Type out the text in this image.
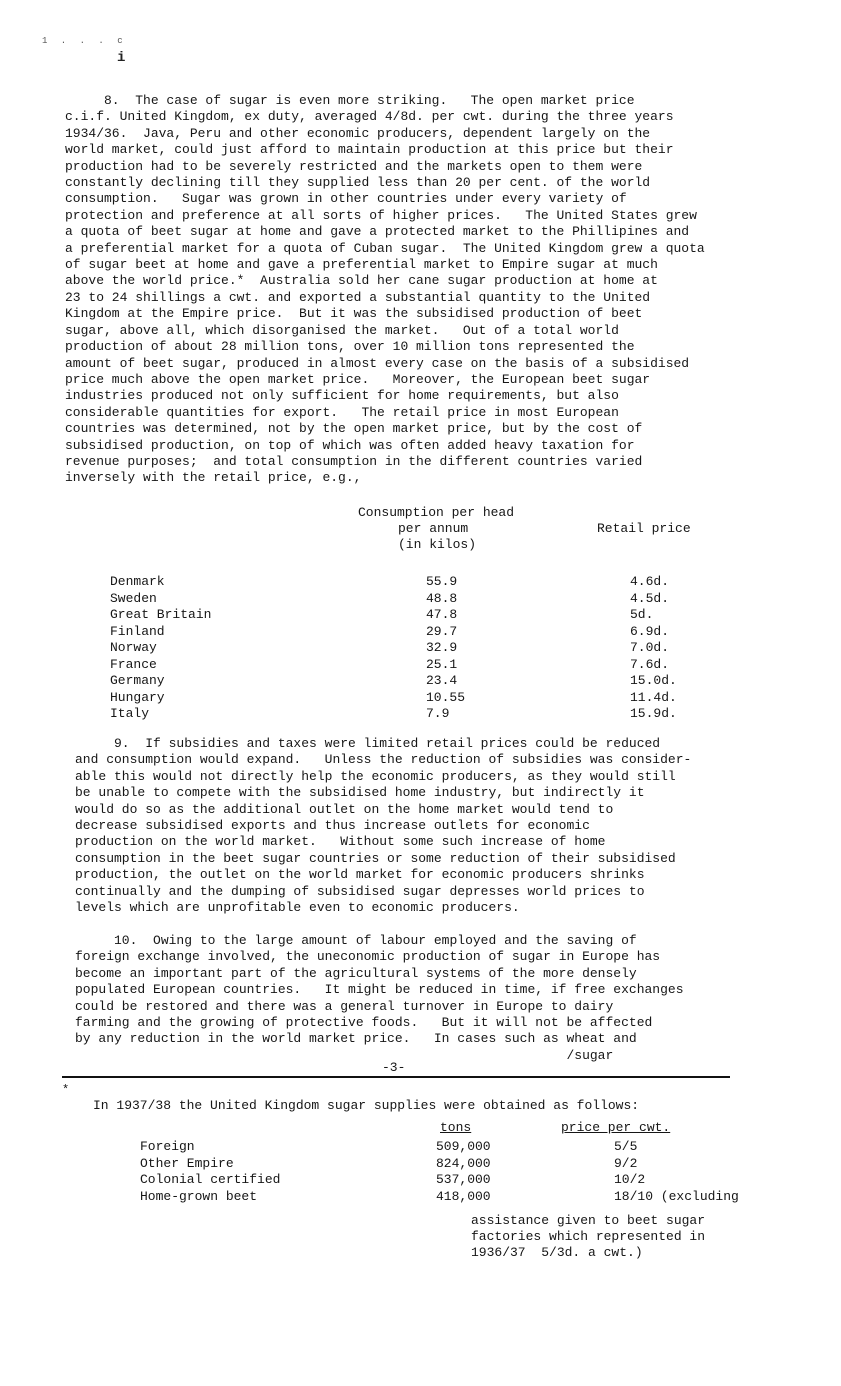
1 . . . c
i
8.  The case of sugar is even more striking.   The open market price
c.i.f. United Kingdom, ex duty, averaged 4/8d. per cwt. during the three years
1934/36.  Java, Peru and other economic producers, dependent largely on the
world market, could just afford to maintain production at this price but their
production had to be severely restricted and the markets open to them were
constantly declining till they supplied less than 20 per cent. of the world
consumption.   Sugar was grown in other countries under every variety of
protection and preference at all sorts of higher prices.   The United States grew
a quota of beet sugar at home and gave a protected market to the Phillipines and
a preferential market for a quota of Cuban sugar.  The United Kingdom grew a quota
of sugar beet at home and gave a preferential market to Empire sugar at much
above the world price.*  Australia sold her cane sugar production at home at
23 to 24 shillings a cwt. and exported a substantial quantity to the United
Kingdom at the Empire price.  But it was the subsidised production of beet
sugar, above all, which disorganised the market.   Out of a total world
production of about 28 million tons, over 10 million tons represented the
amount of beet sugar, produced in almost every case on the basis of a subsidised
price much above the open market price.   Moreover, the European beet sugar
industries produced not only sufficient for home requirements, but also
considerable quantities for export.   The retail price in most European
countries was determined, not by the open market price, but by the cost of
subsidised production, on top of which was often added heavy taxation for
revenue purposes;  and total consumption in the different countries varied
inversely with the retail price, e.g.,
Consumption per head
per annum
(in kilos)
Retail price
Denmark	55.9	4.6d.
Sweden	48.8	4.5d.
Great Britain	47.8	5d.
Finland	29.7	6.9d.
Norway	32.9	7.0d.
France	25.1	7.6d.
Germany	23.4	15.0d.
Hungary	10.55	11.4d.
Italy	7.9	15.9d.
9.  If subsidies and taxes were limited retail prices could be reduced
and consumption would expand.   Unless the reduction of subsidies was consider-
able this would not directly help the economic producers, as they would still
be unable to compete with the subsidised home industry, but indirectly it
would do so as the additional outlet on the home market would tend to
decrease subsidised exports and thus increase outlets for economic
production on the world market.   Without some such increase of home
consumption in the beet sugar countries or some reduction of their subsidised
production, the outlet on the world market for economic producers shrinks
continually and the dumping of subsidised sugar depresses world prices to
levels which are unprofitable even to economic producers.
10.  Owing to the large amount of labour employed and the saving of
foreign exchange involved, the uneconomic production of sugar in Europe has
become an important part of the agricultural systems of the more densely
populated European countries.   It might be reduced in time, if free exchanges
could be restored and there was a general turnover in Europe to dairy
farming and the growing of protective foods.   But it will not be affected
by any reduction in the world market price.   In cases such as wheat and
/sugar
-3-
*
In 1937/38 the United Kingdom sugar supplies were obtained as follows:
tons	price per cwt.
Foreign	509,000	5/5
Other Empire	824,000	9/2
Colonial certified	537,000	10/2
Home-grown beet	418,000	18/10 (excluding
assistance given to beet sugar
factories which represented in
1936/37  5/3d. a cwt.)
